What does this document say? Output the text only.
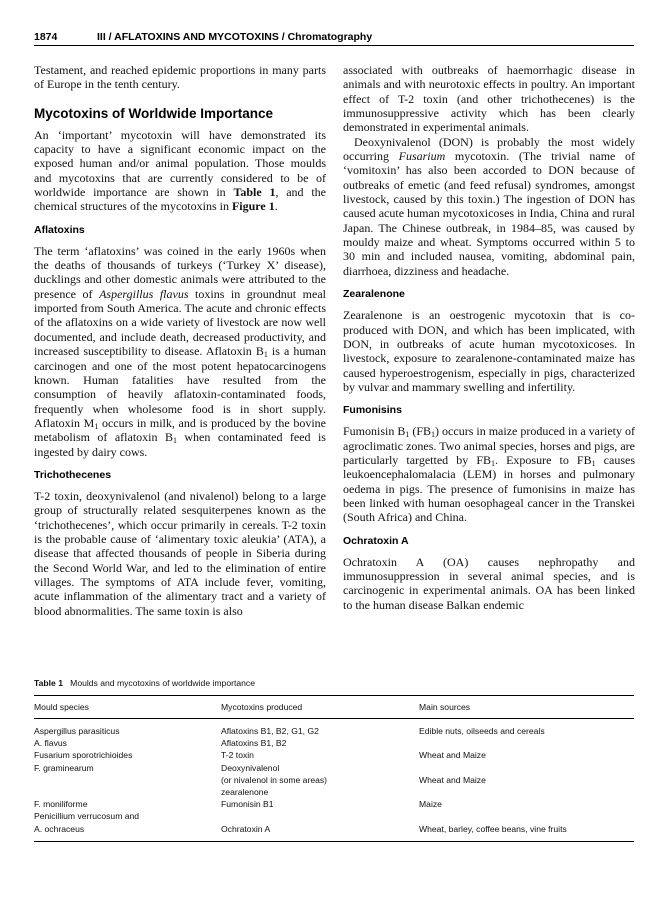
1874	III / AFLATOXINS AND MYCOTOXINS / Chromatography

Testament, and reached epidemic proportions in many parts of Europe in the tenth century.

Mycotoxins of Worldwide Importance

An ‘important’ mycotoxin will have demonstrated its capacity to have a significant economic impact on the exposed human and/or animal population. Those moulds and mycotoxins that are currently considered to be of worldwide importance are shown in Table 1, and the chemical structures of the mycotoxins in Figure 1.

Aflatoxins

The term ‘aflatoxins’ was coined in the early 1960s when the deaths of thousands of turkeys (‘Turkey X’ disease), ducklings and other domestic animals were attributed to the presence of Aspergillus flavus toxins in groundnut meal imported from South America. The acute and chronic effects of the aflatoxins on a wide variety of livestock are now well documented, and include death, decreased productivity, and increased susceptibility to disease. Aflatoxin $B_1$ is a human carcinogen and one of the most potent hepatocarcinogens known. Human fatalities have resulted from the consumption of heavily aflatoxin-contaminated foods, frequently when wholesome food is in short supply. Aflatoxin $M_1$ occurs in milk, and is produced by the bovine metabolism of aflatoxin $B_1$ when contaminated feed is ingested by dairy cows.

Trichothecenes

T-2 toxin, deoxynivalenol (and nivalenol) belong to a large group of structurally related sesquiterpenes known as the ‘trichothecenes’, which occur primarily in cereals. T-2 toxin is the probable cause of ‘alimentary toxic aleukia’ (ATA), a disease that affected thousands of people in Siberia during the Second World War, and led to the elimination of entire villages. The symptoms of ATA include fever, vomiting, acute inflammation of the alimentary tract and a variety of blood abnormalities. The same toxin is also

associated with outbreaks of haemorrhagic disease in animals and with neurotoxic effects in poultry. An important effect of T-2 toxin (and other trichothecenes) is the immunosuppressive activity which has been clearly demonstrated in experimental animals.

Deoxynivalenol (DON) is probably the most widely occurring Fusarium mycotoxin. (The trivial name of ‘vomitoxin’ has also been accorded to DON because of outbreaks of emetic (and feed refusal) syndromes, amongst livestock, caused by this toxin.) The ingestion of DON has caused acute human mycotoxicoses in India, China and rural Japan. The Chinese outbreak, in 1984–85, was caused by mouldy maize and wheat. Symptoms occurred within 5 to 30 min and included nausea, vomiting, abdominal pain, diarrhoea, dizziness and headache.

Zearalenone

Zearalenone is an oestrogenic mycotoxin that is co-produced with DON, and which has been implicated, with DON, in outbreaks of acute human mycotoxicoses. In livestock, exposure to zearalenone-contaminated maize has caused hyperoestrogenism, especially in pigs, characterized by vulvar and mammary swelling and infertility.

Fumonisins

Fumonisin $B_1$ $(FB_1)$ occurs in maize produced in a variety of agroclimatic zones. Two animal species, horses and pigs, are particularly targetted by $FB_1$. Exposure to $FB_1$ causes leukoencephalomalacia (LEM) in horses and pulmonary oedema in pigs. The presence of fumonisins in maize has been linked with human oesophageal cancer in the Transkei (South Africa) and China.

Ochratoxin A

Ochratoxin A (OA) causes nephropathy and immunosuppression in several animal species, and is carcinogenic in experimental animals. OA has been linked to the human disease Balkan endemic

Table 1 Moulds and mycotoxins of worldwide importance
Mould species	Mycotoxins produced	Main sources
Aspergillus parasiticus	Aflatoxins B1, B2, G1, G2	Edible nuts, oilseeds and cereals
A. flavus	Aflatoxins B1, B2	
Fusarium sporotrichioides	T-2 toxin	Wheat and Maize
F. graminearum	Deoxynivalenol	
	(or nivalenol in some areas)	Wheat and Maize
	zearalenone	
F. moniliforme	Fumonisin B1	Maize
Penicillium verrucosum and		
A. ochraceus	Ochratoxin A	Wheat, barley, coffee beans, vine fruits
